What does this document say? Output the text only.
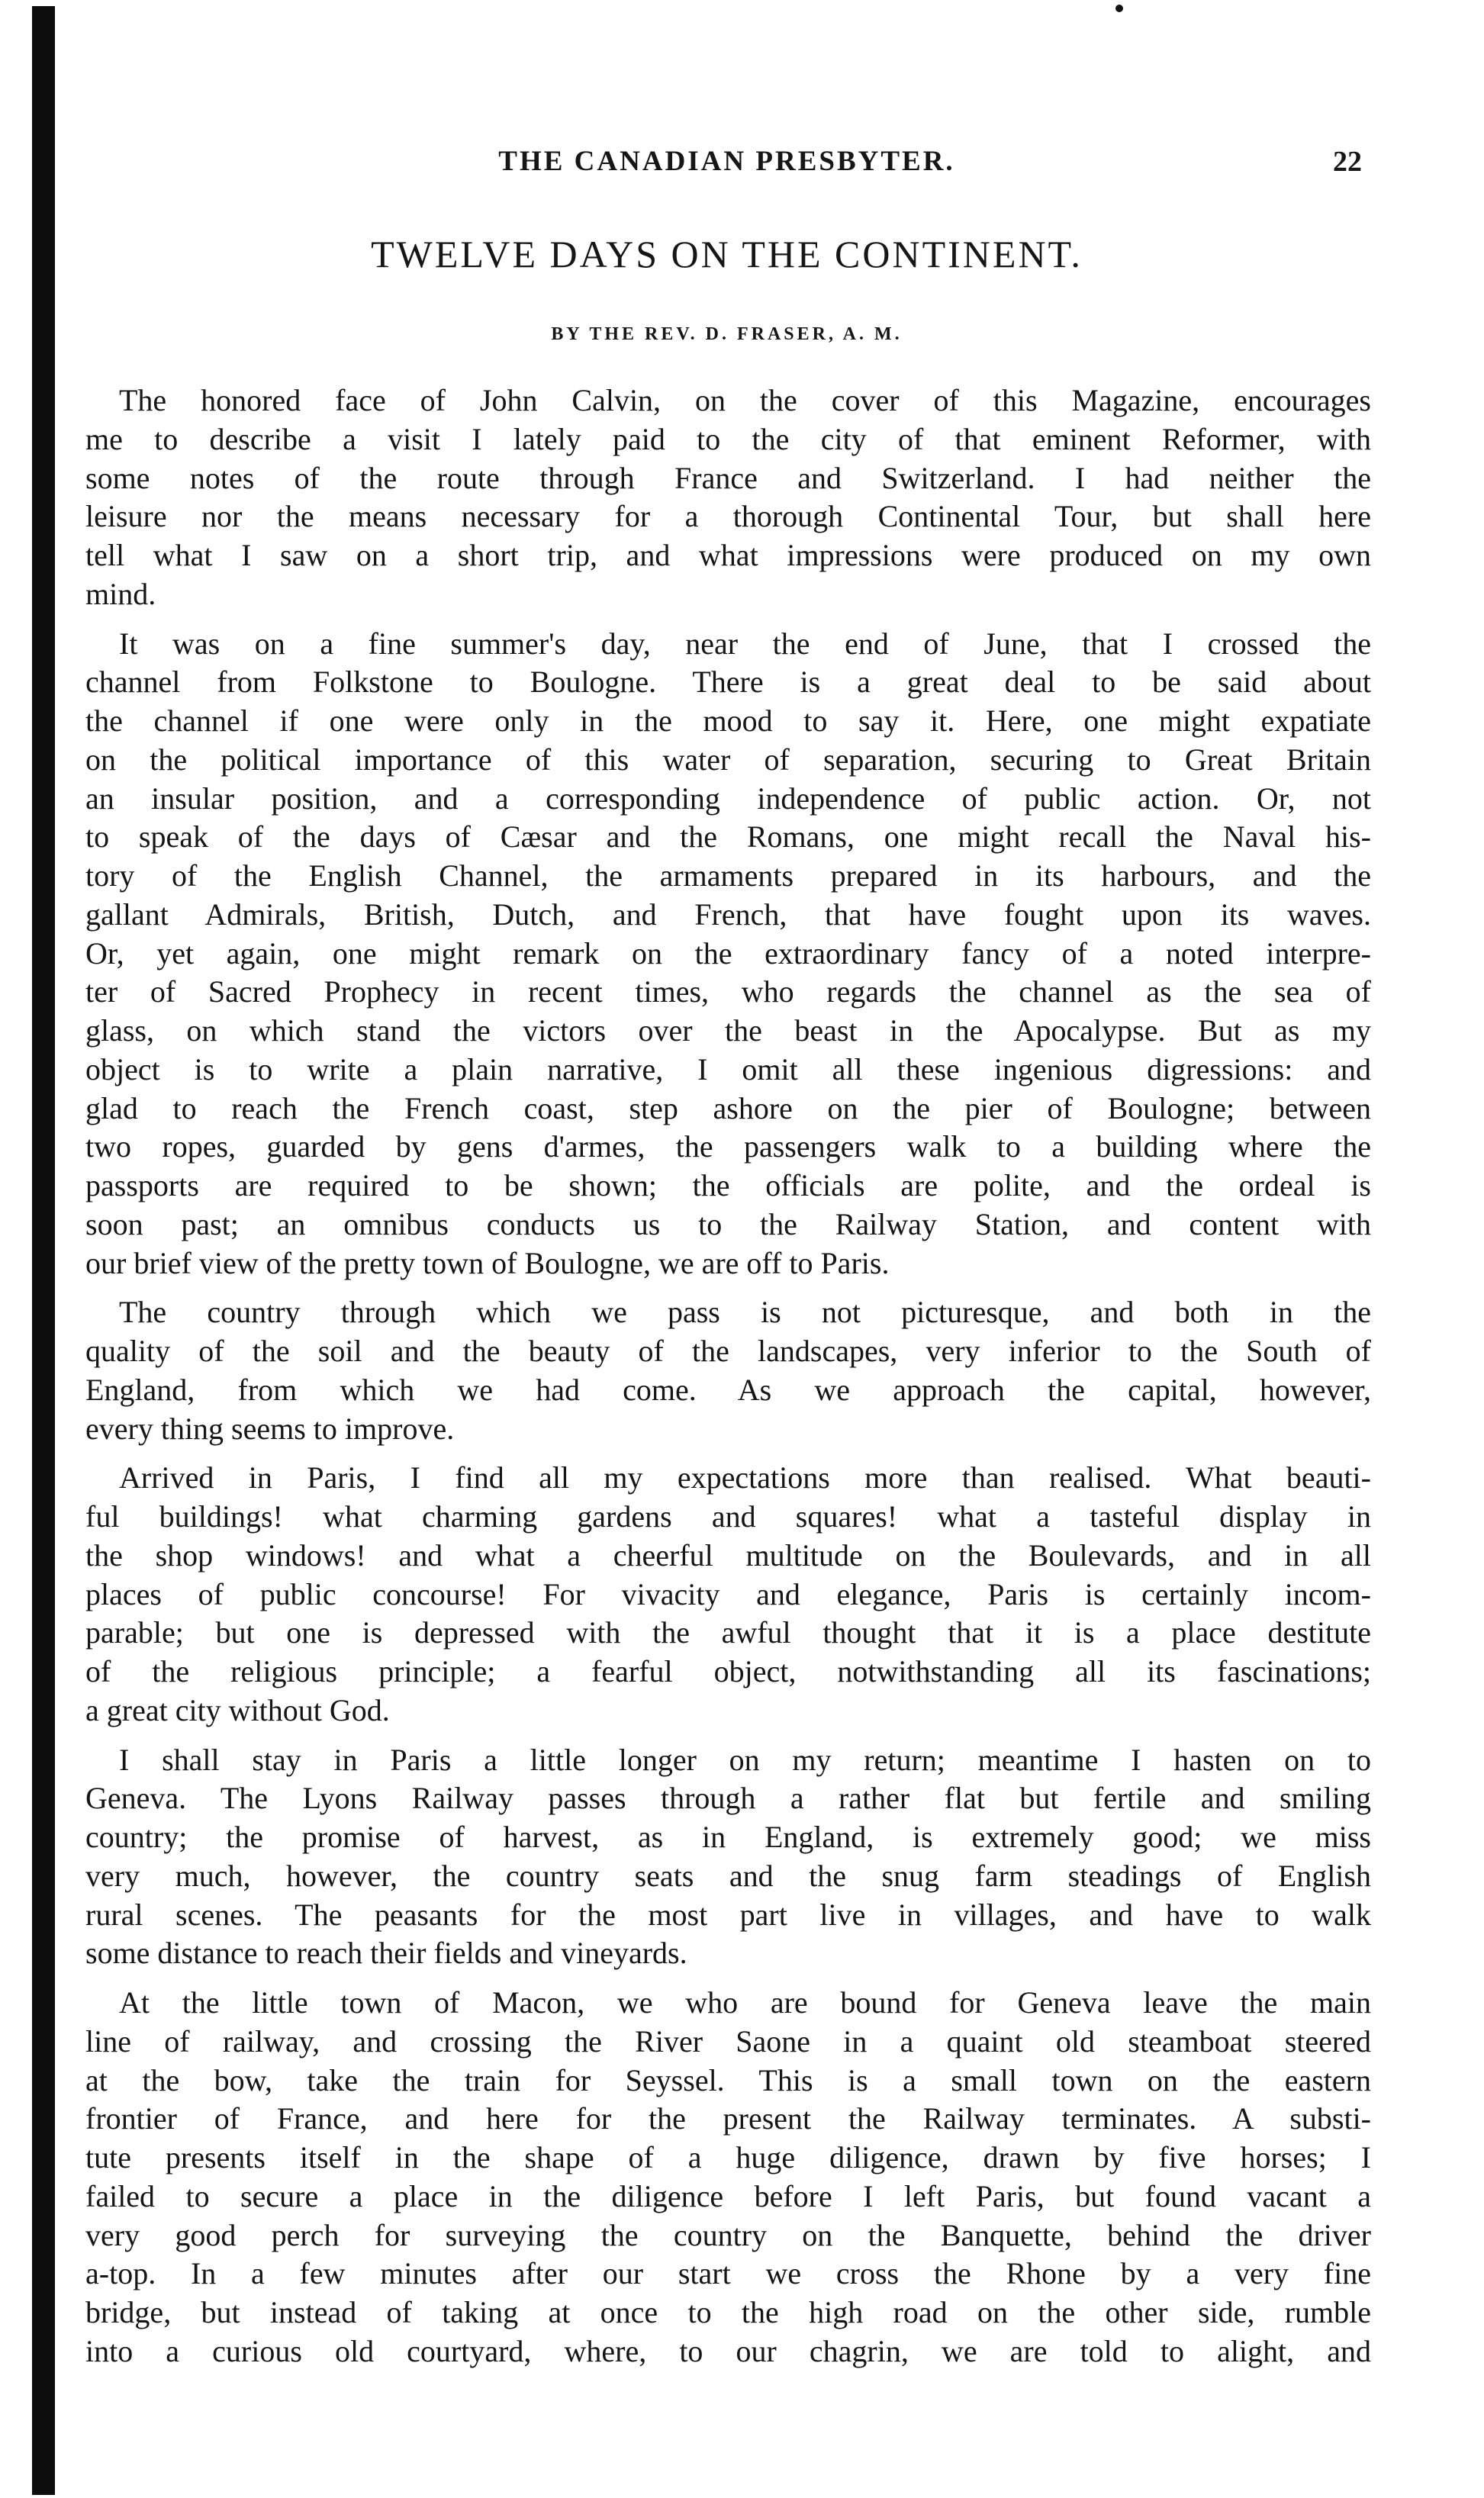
THE CANADIAN PRESBYTER.	22
TWELVE DAYS ON THE CONTINENT.
BY THE REV. D. FRASER, A. M.
The honored face of John Calvin, on the cover of this Magazine, encourages
me to describe a visit I lately paid to the city of that eminent Reformer, with
some notes of the route through France and Switzerland. I had neither the
leisure nor the means necessary for a thorough Continental Tour, but shall here
tell what I saw on a short trip, and what impressions were produced on my own
mind.
It was on a fine summer's day, near the end of June, that I crossed the
channel from Folkstone to Boulogne. There is a great deal to be said about
the channel if one were only in the mood to say it. Here, one might expatiate
on the political importance of this water of separation, securing to Great Britain
an insular position, and a corresponding independence of public action. Or, not
to speak of the days of Cæsar and the Romans, one might recall the Naval his-
tory of the English Channel, the armaments prepared in its harbours, and the
gallant Admirals, British, Dutch, and French, that have fought upon its waves.
Or, yet again, one might remark on the extraordinary fancy of a noted interpre-
ter of Sacred Prophecy in recent times, who regards the channel as the sea of
glass, on which stand the victors over the beast in the Apocalypse. But as my
object is to write a plain narrative, I omit all these ingenious digressions: and
glad to reach the French coast, step ashore on the pier of Boulogne; between
two ropes, guarded by gens d'armes, the passengers walk to a building where the
passports are required to be shown; the officials are polite, and the ordeal is
soon past; an omnibus conducts us to the Railway Station, and content with
our brief view of the pretty town of Boulogne, we are off to Paris.
The country through which we pass is not picturesque, and both in the
quality of the soil and the beauty of the landscapes, very inferior to the South of
England, from which we had come. As we approach the capital, however,
every thing seems to improve.
Arrived in Paris, I find all my expectations more than realised. What beauti-
ful buildings! what charming gardens and squares! what a tasteful display in
the shop windows! and what a cheerful multitude on the Boulevards, and in all
places of public concourse! For vivacity and elegance, Paris is certainly incom-
parable; but one is depressed with the awful thought that it is a place destitute
of the religious principle; a fearful object, notwithstanding all its fascinations;
a great city without God.
I shall stay in Paris a little longer on my return; meantime I hasten on to
Geneva. The Lyons Railway passes through a rather flat but fertile and smiling
country; the promise of harvest, as in England, is extremely good; we miss
very much, however, the country seats and the snug farm steadings of English
rural scenes. The peasants for the most part live in villages, and have to walk
some distance to reach their fields and vineyards.
At the little town of Macon, we who are bound for Geneva leave the main
line of railway, and crossing the River Saone in a quaint old steamboat steered
at the bow, take the train for Seyssel. This is a small town on the eastern
frontier of France, and here for the present the Railway terminates. A substi-
tute presents itself in the shape of a huge diligence, drawn by five horses; I
failed to secure a place in the diligence before I left Paris, but found vacant a
very good perch for surveying the country on the Banquette, behind the driver
a-top. In a few minutes after our start we cross the Rhone by a very fine
bridge, but instead of taking at once to the high road on the other side, rumble
into a curious old courtyard, where, to our chagrin, we are told to alight, and
